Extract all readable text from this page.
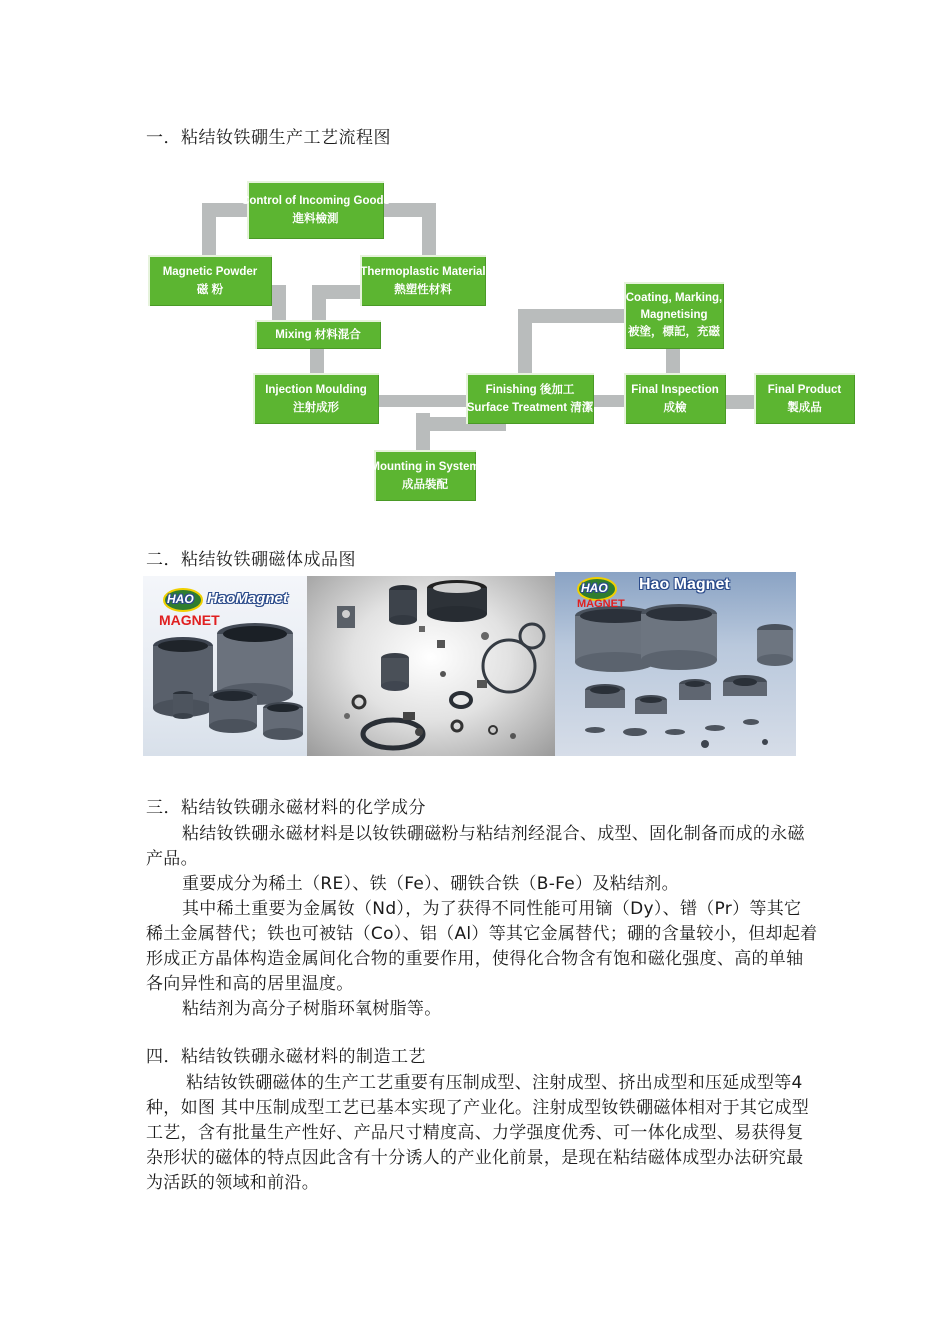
一．粘结钕铁硼生产工艺流程图
Control of Incoming Goods
進料檢測
Magnetic Powder
磁 粉
Thermoplastic Material
熱塑性材料
Mixing 材料混合
Injection Moulding
注射成形
Finishing 後加工
Surface Treatment 清潔
Coating, Marking,
Magnetising
被塗，標記，充磁
Final Inspection
成檢
Final Product
製成品
Mounting in System
成品裝配
二．粘结钕铁硼磁体成品图
HAO HaoMagnet
MAGNET
HAO Hao Magnet
MAGNET
三．粘结钕铁硼永磁材料的化学成分
粘结钕铁硼永磁材料是以钕铁硼磁粉与粘结剂经混合、成型、固化制备而成的永磁产品。
重要成分为稀土（RE）、铁（Fe）、硼铁合铁（B-Fe）及粘结剂。
其中稀土重要为金属钕（Nd），为了获得不同性能可用镝（Dy）、镨（Pr）等其它稀土金属替代；铁也可被钴（Co）、铝（Al）等其它金属替代；硼的含量较小，但却起着形成正方晶体构造金属间化合物的重要作用，使得化合物含有饱和磁化强度、高的单轴各向异性和高的居里温度。
粘结剂为高分子树脂环氧树脂等。
四．粘结钕铁硼永磁材料的制造工艺
粘结钕铁硼磁体的生产工艺重要有压制成型、注射成型、挤出成型和压延成型等4种，如图 其中压制成型工艺已基本实现了产业化。注射成型钕铁硼磁体相对于其它成型工艺，含有批量生产性好、产品尺寸精度高、力学强度优秀、可一体化成型、易获得复杂形状的磁体的特点因此含有十分诱人的产业化前景，是现在粘结磁体成型办法研究最为活跃的领域和前沿。
